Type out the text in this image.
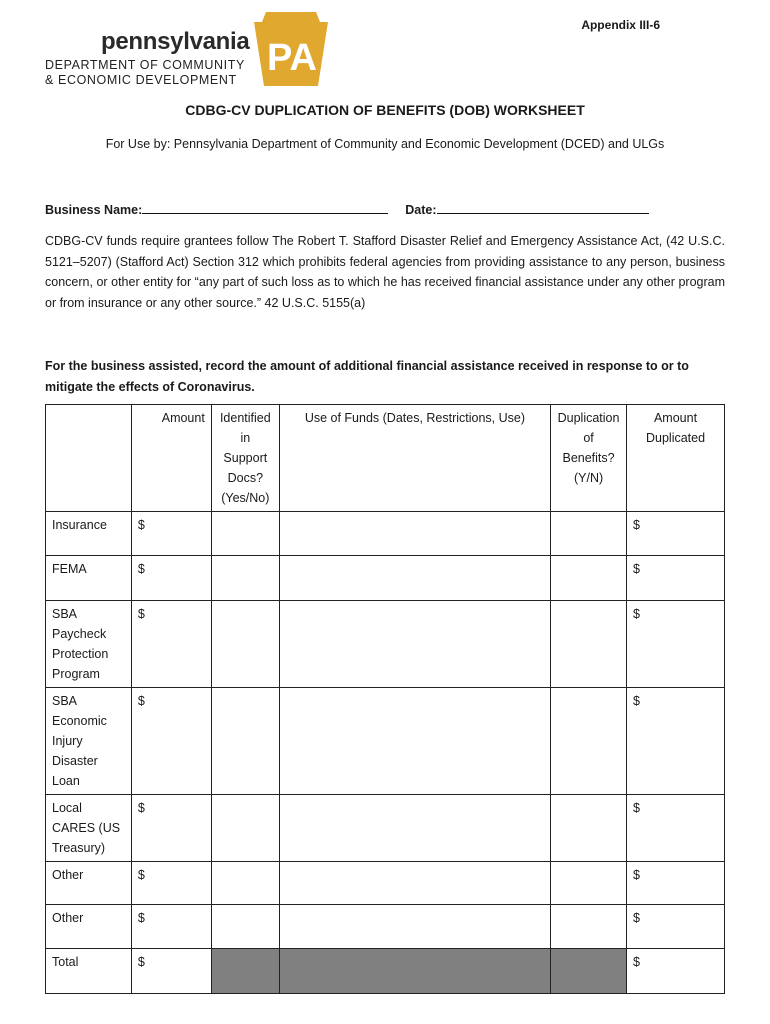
Appendix III-6
pennsylvania
DEPARTMENT OF COMMUNITY
& ECONOMIC DEVELOPMENT
PA
CDBG-CV DUPLICATION OF BENEFITS (DOB) WORKSHEET
For Use by: Pennsylvania Department of Community and Economic Development (DCED) and ULGs
Business Name:	Date:
CDBG-CV funds require grantees follow The Robert T. Stafford Disaster Relief and Emergency Assistance Act, (42 U.S.C. 5121–5207) (Stafford Act) Section 312 which prohibits federal agencies from providing assistance to any person, business concern, or other entity for “any part of such loss as to which he has received financial assistance under any other program or from insurance or any other source.” 42 U.S.C. 5155(a)
For the business assisted, record the amount of additional financial assistance received in response to or to mitigate the effects of Coronavirus.
	Amount	Identified in Support Docs? (Yes/No)	Use of Funds (Dates, Restrictions, Use)	Duplication of Benefits? (Y/N)	Amount Duplicated
Insurance	$				$
FEMA	$				$
SBA Paycheck Protection Program	$				$
SBA Economic Injury Disaster Loan	$				$
Local CARES (US Treasury)	$				$
Other	$				$
Other	$				$
Total	$				$
